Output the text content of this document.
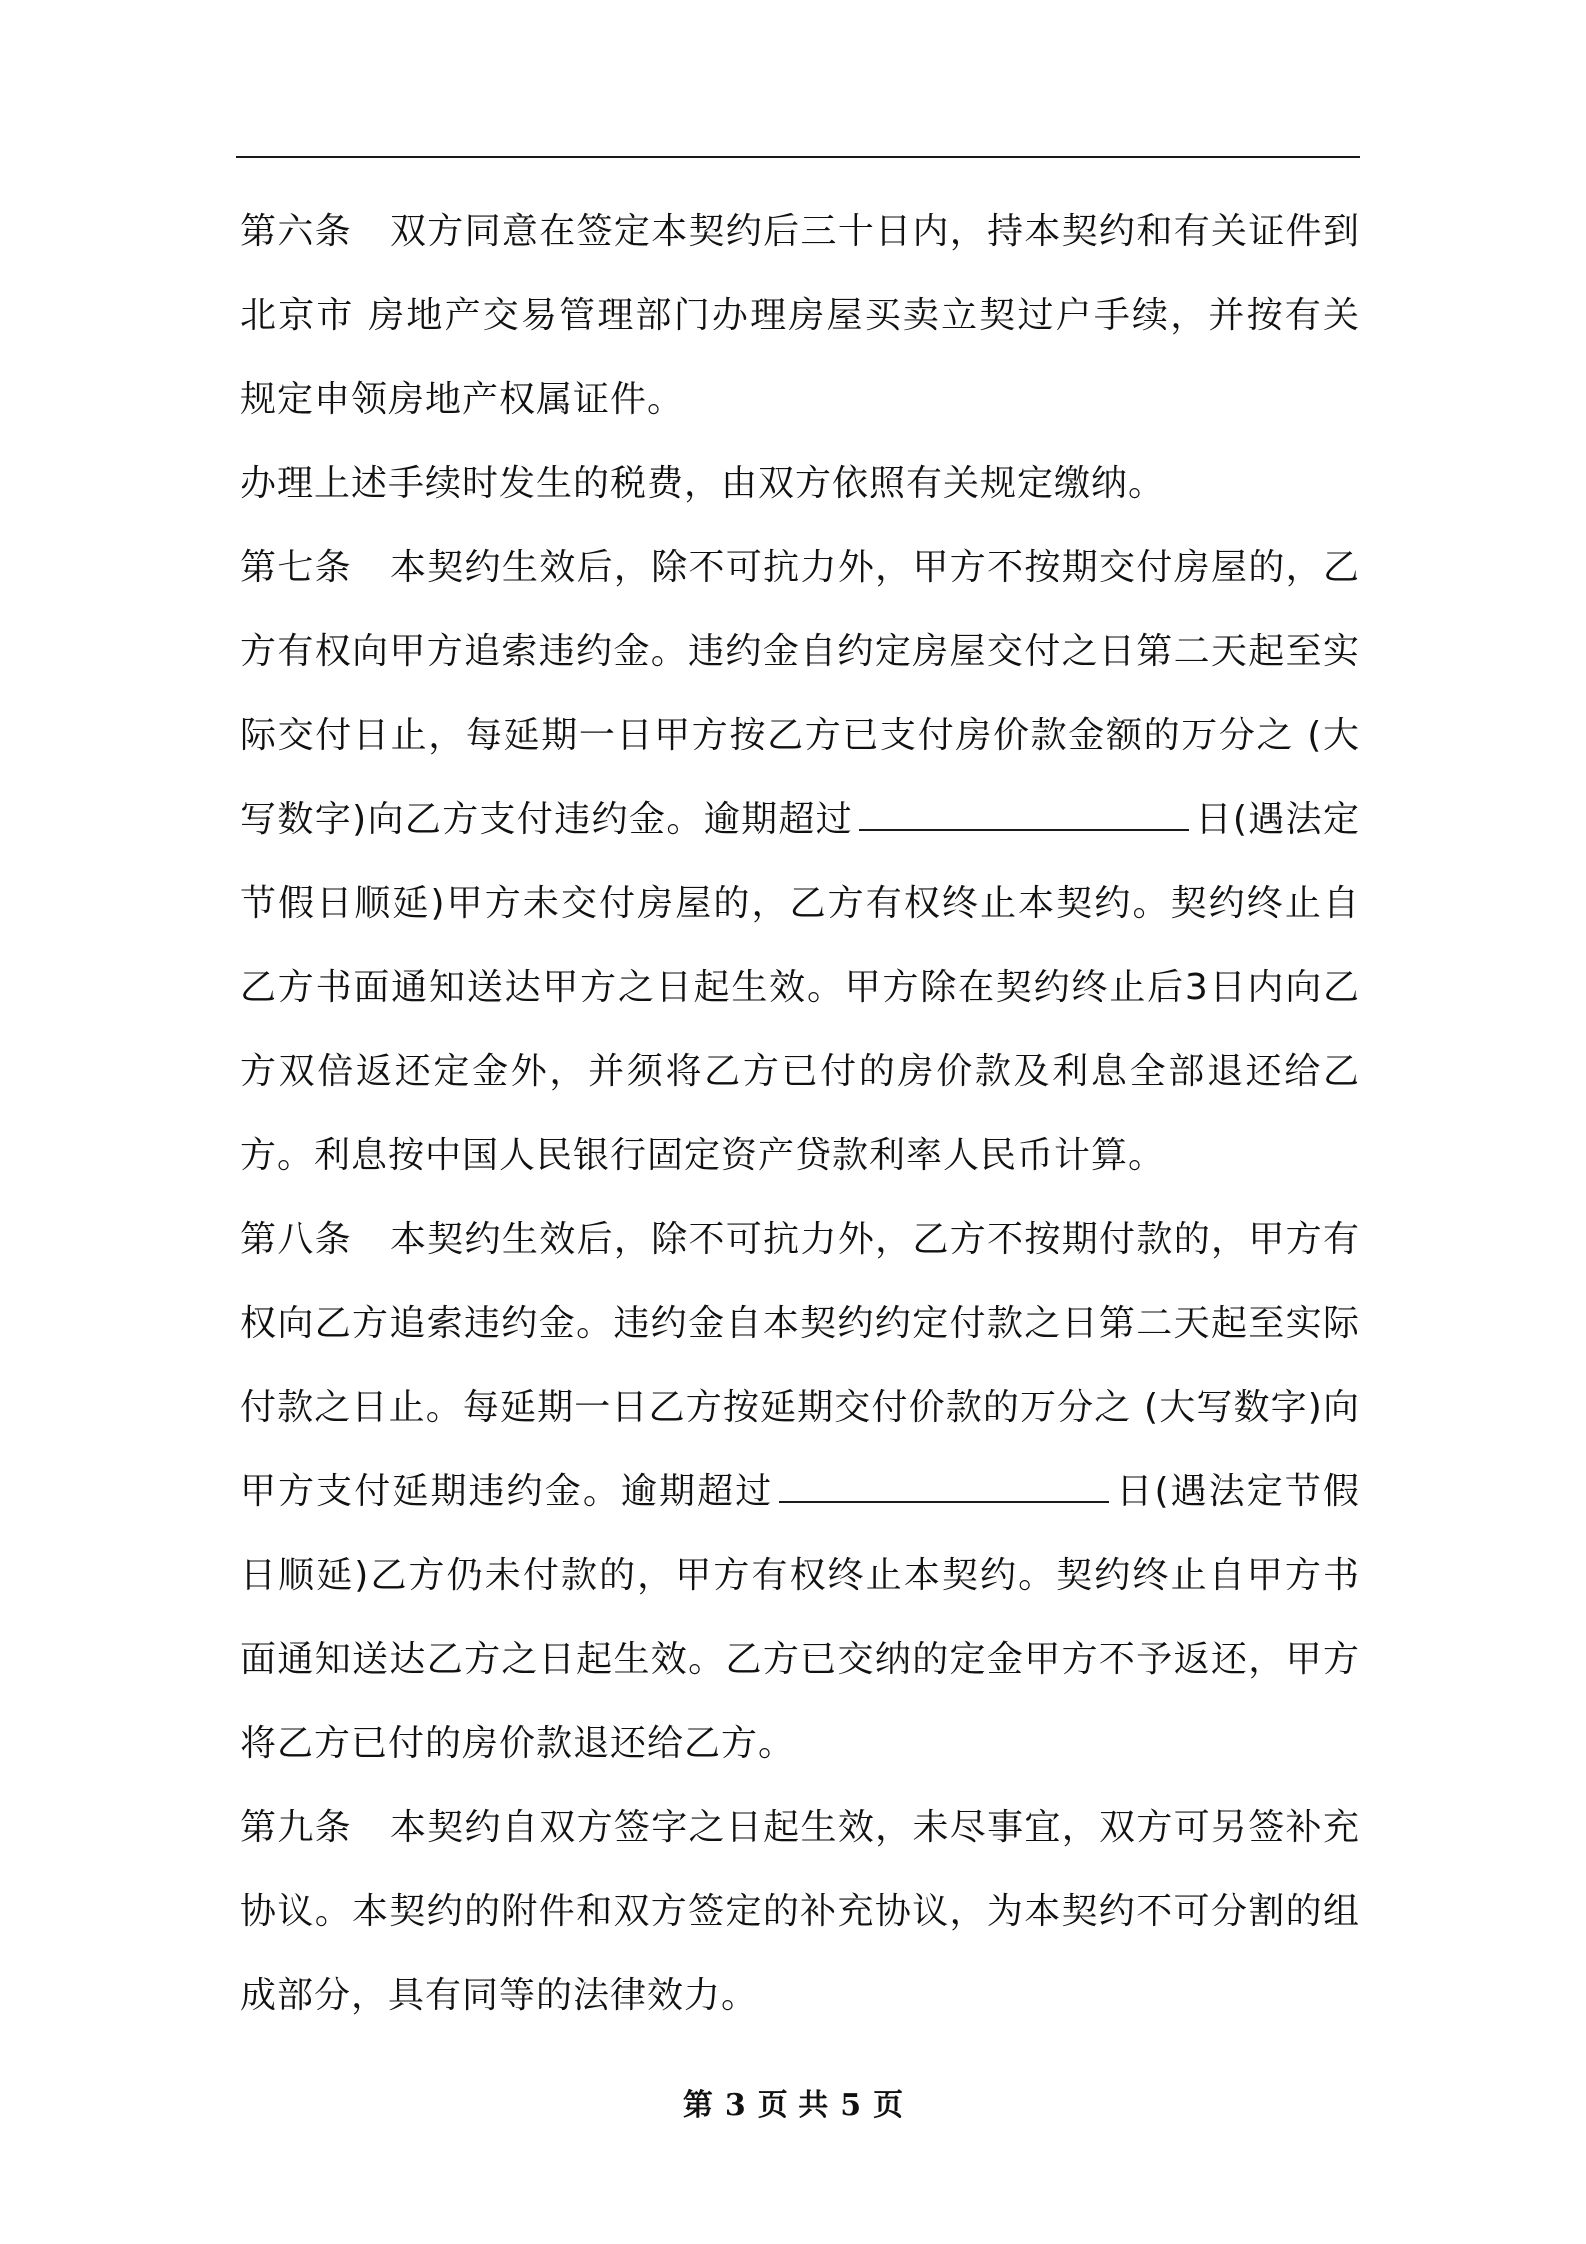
第六条 双方同意在签定本契约后三十日内，持本契约和有关证件到北京市 房地产交易管理部门办理房屋买卖立契过户手续，并按有关规定申领房地产权属证件。

办理上述手续时发生的税费，由双方依照有关规定缴纳。

第七条 本契约生效后，除不可抗力外，甲方不按期交付房屋的，乙方有权向甲方追索违约金。违约金自约定房屋交付之日第二天起至实际交付日止，每延期一日甲方按乙方已支付房价款金额的万分之 (大写数字)向乙方支付违约金。逾期超过	日(遇法定节假日顺延)甲方未交付房屋的，乙方有权终止本契约。契约终止自乙方书面通知送达甲方之日起生效。甲方除在契约终止后3日内向乙方双倍返还定金外，并须将乙方已付的房价款及利息全部退还给乙方。利息按中国人民银行固定资产贷款利率人民币计算。

第八条 本契约生效后，除不可抗力外，乙方不按期付款的，甲方有权向乙方追索违约金。违约金自本契约约定付款之日第二天起至实际付款之日止。每延期一日乙方按延期交付价款的万分之 (大写数字)向甲方支付延期违约金。逾期超过	日(遇法定节假日顺延)乙方仍未付款的，甲方有权终止本契约。契约终止自甲方书面通知送达乙方之日起生效。乙方已交纳的定金甲方不予返还，甲方将乙方已付的房价款退还给乙方。

第九条 本契约自双方签字之日起生效，未尽事宜，双方可另签补充协议。本契约的附件和双方签定的补充协议，为本契约不可分割的组成部分，具有同等的法律效力。

第 3 页 共 5 页
